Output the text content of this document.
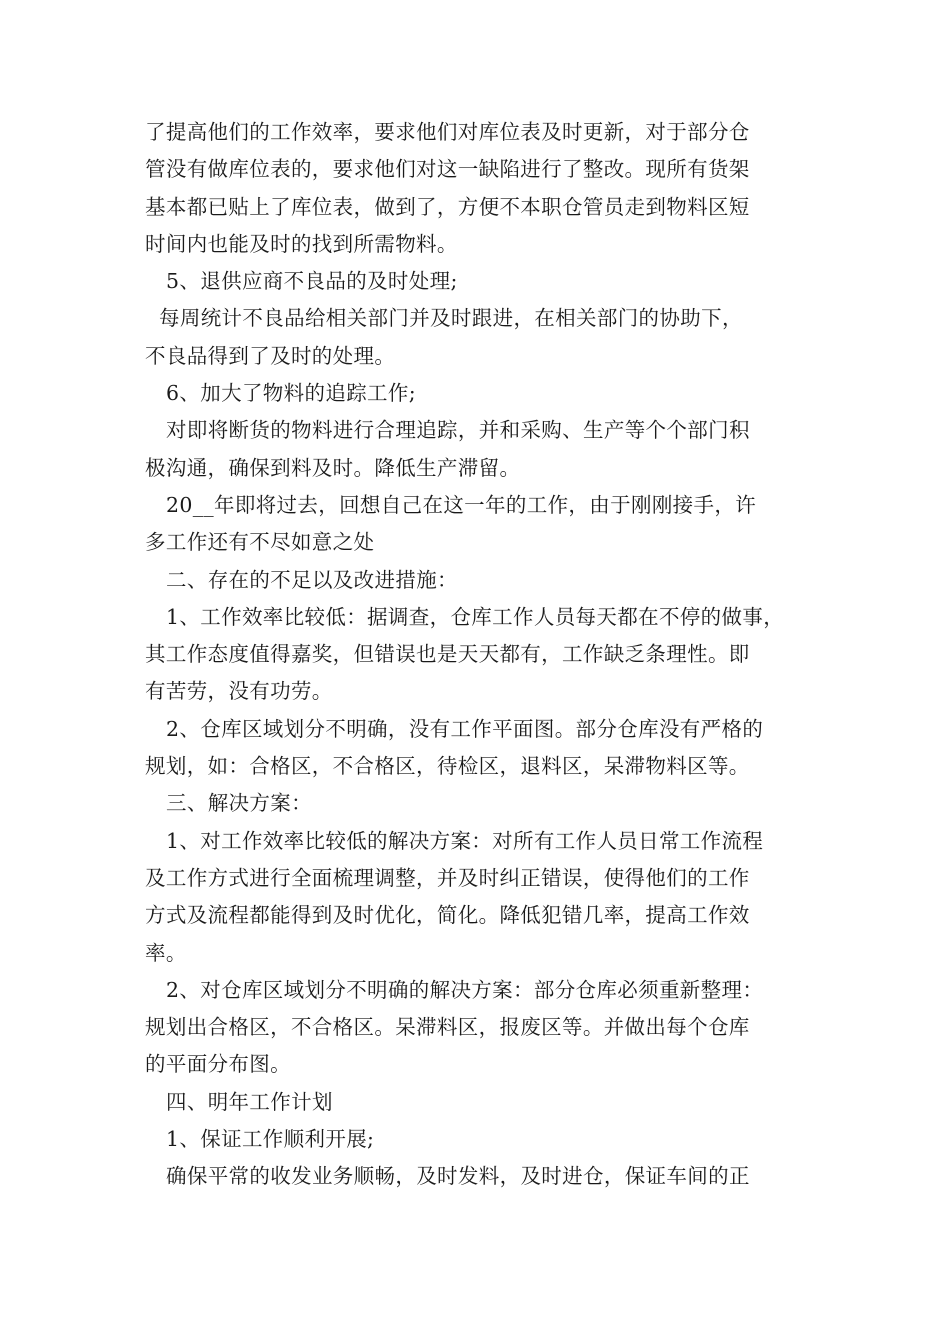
了提高他们的工作效率，要求他们对库位表及时更新，对于部分仓
管没有做库位表的，要求他们对这一缺陷进行了整改。现所有货架
基本都已贴上了库位表，做到了，方便不本职仓管员走到物料区短
时间内也能及时的找到所需物料。
5、退供应商不良品的及时处理;
每周统计不良品给相关部门并及时跟进，在相关部门的协助下，
不良品得到了及时的处理。
6、加大了物料的追踪工作;
对即将断货的物料进行合理追踪，并和采购、生产等个个部门积
极沟通，确保到料及时。降低生产滞留。
20__年即将过去，回想自己在这一年的工作，由于刚刚接手，许
多工作还有不尽如意之处
二、存在的不足以及改进措施：
1、工作效率比较低：据调查，仓库工作人员每天都在不停的做事，
其工作态度值得嘉奖，但错误也是天天都有，工作缺乏条理性。即
有苦劳，没有功劳。
2、仓库区域划分不明确，没有工作平面图。部分仓库没有严格的
规划，如：合格区，不合格区，待检区，退料区，呆滞物料区等。
三、解决方案：
1、对工作效率比较低的解决方案：对所有工作人员日常工作流程
及工作方式进行全面梳理调整，并及时纠正错误，使得他们的工作
方式及流程都能得到及时优化，简化。降低犯错几率，提高工作效
率。
2、对仓库区域划分不明确的解决方案：部分仓库必须重新整理：
规划出合格区，不合格区。呆滞料区，报废区等。并做出每个仓库
的平面分布图。
四、明年工作计划
1、保证工作顺利开展;
确保平常的收发业务顺畅，及时发料，及时进仓，保证车间的正
